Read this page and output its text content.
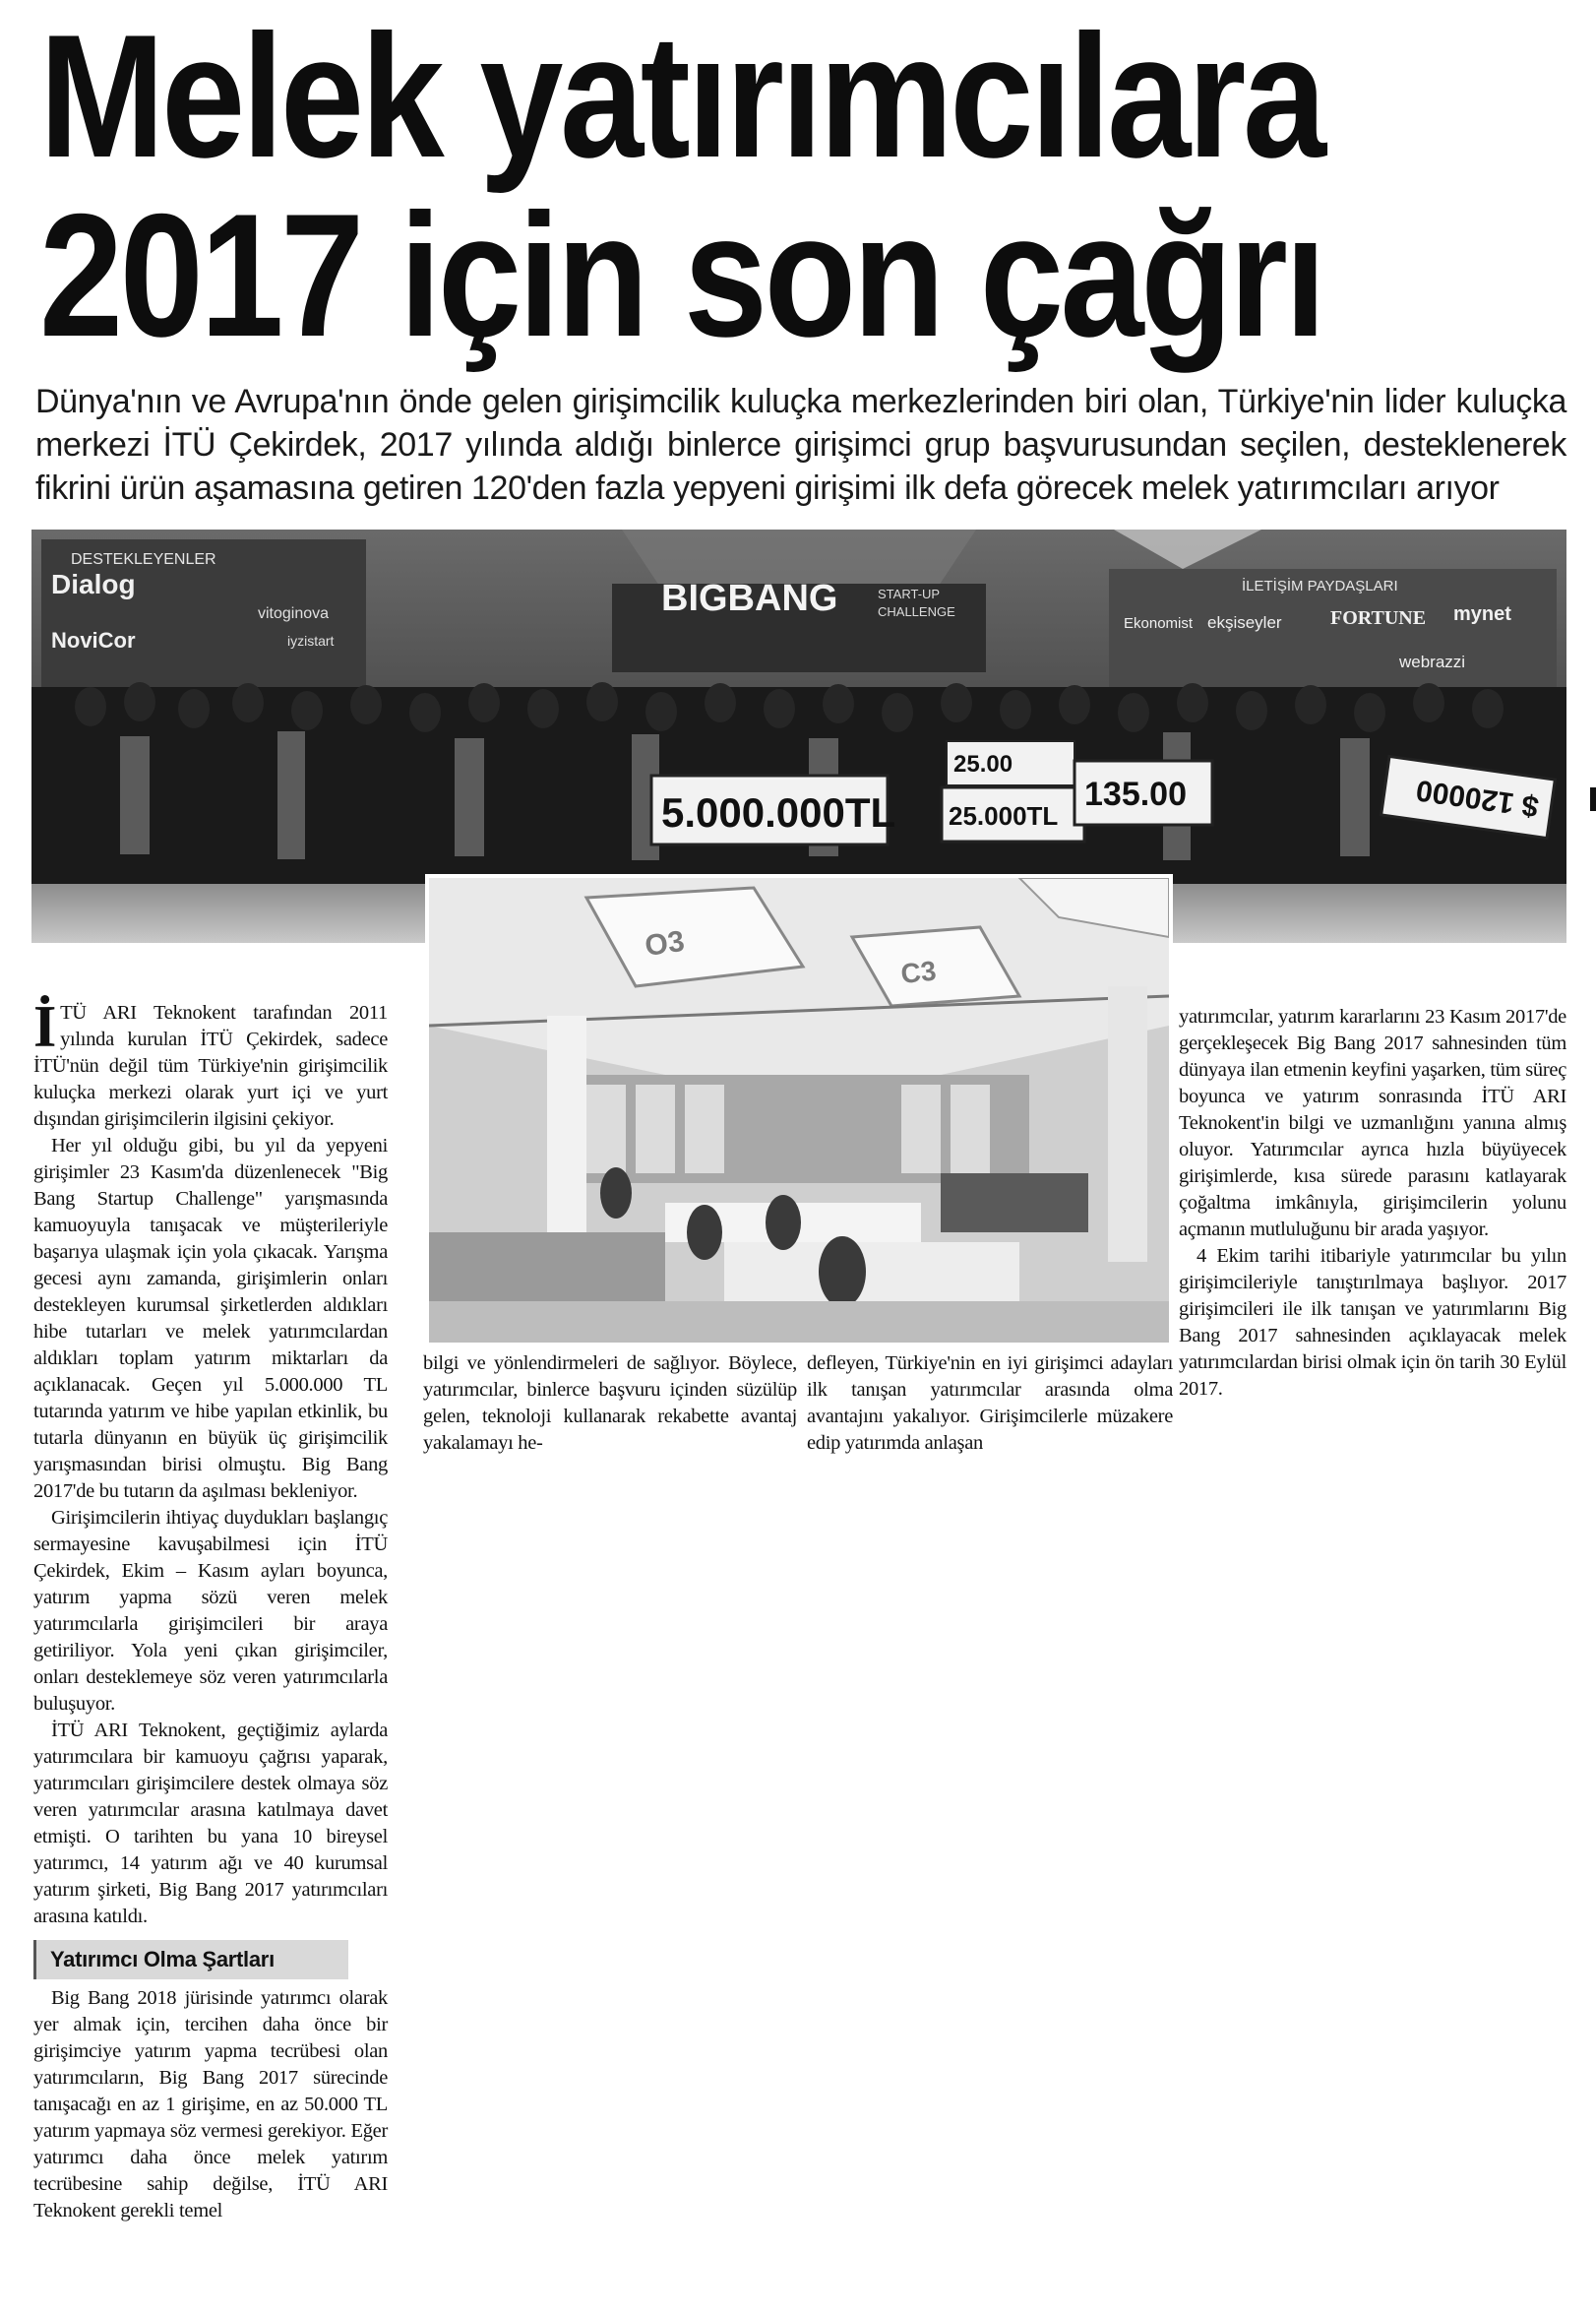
Melek yatırımcılara
2017 için son çağrı

Dünya'nın ve Avrupa'nın önde gelen girişimcilik kuluçka merkezlerinden biri olan, Türkiye'nin lider kuluçka merkezi İTÜ Çekirdek, 2017 yılında aldığı binlerce girişimci grup başvurusundan seçilen, desteklenerek fikrini ürün aşamasına getiren 120'den fazla yepyeni girişimi ilk defa görecek melek yatırımcıları arıyor

DESTEKLEYENLER
Dialog
vitoginova
iyzistart
NoviCor
BIGBANG	START-UP
CHALLENGE
İLETİŞİM PAYDAŞLARI
Ekonomist ekşiseyler FORTUNE mynet
webrazzi
5.000.000TL
25.00
25.000TL
135.00	$ 120000
O3
C3

İTÜ ARI Teknokent tarafından 2011 yılında kurulan İTÜ Çekirdek, sadece İTÜ'nün değil tüm Türkiye'nin girişimcilik kuluçka merkezi olarak yurt içi ve yurt dışından girişimcilerin ilgisini çekiyor.

Her yıl olduğu gibi, bu yıl da yepyeni girişimler 23 Kasım'da düzenlenecek "Big Bang Startup Challenge" yarışmasında kamuoyuyla tanışacak ve müşterileriyle başarıya ulaşmak için yola çıkacak. Yarışma gecesi aynı zamanda, girişimlerin onları destekleyen kurumsal şirketlerden aldıkları hibe tutarları ve melek yatırımcılardan aldıkları toplam yatırım miktarları da açıklanacak. Geçen yıl 5.000.000 TL tutarında yatırım ve hibe yapılan etkinlik, bu tutarla dünyanın en büyük üç girişimcilik yarışmasından birisi olmuştu. Big Bang 2017'de bu tutarın da aşılması bekleniyor.

Girişimcilerin ihtiyaç duydukları başlangıç sermayesine kavuşabilmesi için İTÜ Çekirdek, Ekim – Kasım ayları boyunca, yatırım yapma sözü veren melek yatırımcılarla girişimcileri bir araya getiriliyor. Yola yeni çıkan girişimciler, onları desteklemeye söz veren yatırımcılarla buluşuyor.

İTÜ ARI Teknokent, geçtiğimiz aylarda yatırımcılara bir kamuoyu çağrısı yaparak, yatırımcıları girişimcilere destek olmaya söz veren yatırımcılar arasına katılmaya davet etmişti. O tarihten bu yana 10 bireysel yatırımcı, 14 yatırım ağı ve 40 kurumsal yatırım şirketi, Big Bang 2017 yatırımcıları arasına katıldı.

Yatırımcı Olma Şartları

Big Bang 2018 jürisinde yatırımcı olarak yer almak için, tercihen daha önce bir girişimciye yatırım yapma tecrübesi olan yatırımcıların, Big Bang 2017 sürecinde tanışacağı en az 1 girişime, en az 50.000 TL yatırım yapmaya söz vermesi gerekiyor. Eğer yatırımcı daha önce melek yatırım tecrübesine sahip değilse, İTÜ ARI Teknokent gerekli temel

bilgi ve yönlendirmeleri de sağlıyor. Böylece, yatırımcılar, binlerce başvuru içinden süzülüp gelen, teknoloji kullanarak rekabette avantaj yakalamayı he-

defleyen, Türkiye'nin en iyi girişimci adayları ilk tanışan yatırımcılar arasında olma avantajını yakalıyor. Girişimcilerle müzakere edip yatırımda anlaşan

yatırımcılar, yatırım kararlarını 23 Kasım 2017'de gerçekleşecek Big Bang 2017 sahnesinden tüm dünyaya ilan etmenin keyfini yaşarken, tüm süreç boyunca ve yatırım sonrasında İTÜ ARI Teknokent'in bilgi ve uzmanlığını yanına almış oluyor. Yatırımcılar ayrıca hızla büyüyecek girişimlerde, kısa sürede parasını katlayarak çoğaltma imkânıyla, girişimcilerin yolunu açmanın mutluluğunu bir arada yaşıyor.

4 Ekim tarihi itibariyle yatırımcılar bu yılın girişimcileriyle tanıştırılmaya başlıyor. 2017 girişimcileri ile ilk tanışan ve yatırımlarını Big Bang 2017 sahnesinden açıklayacak melek yatırımcılardan birisi olmak için ön tarih 30 Eylül 2017.
